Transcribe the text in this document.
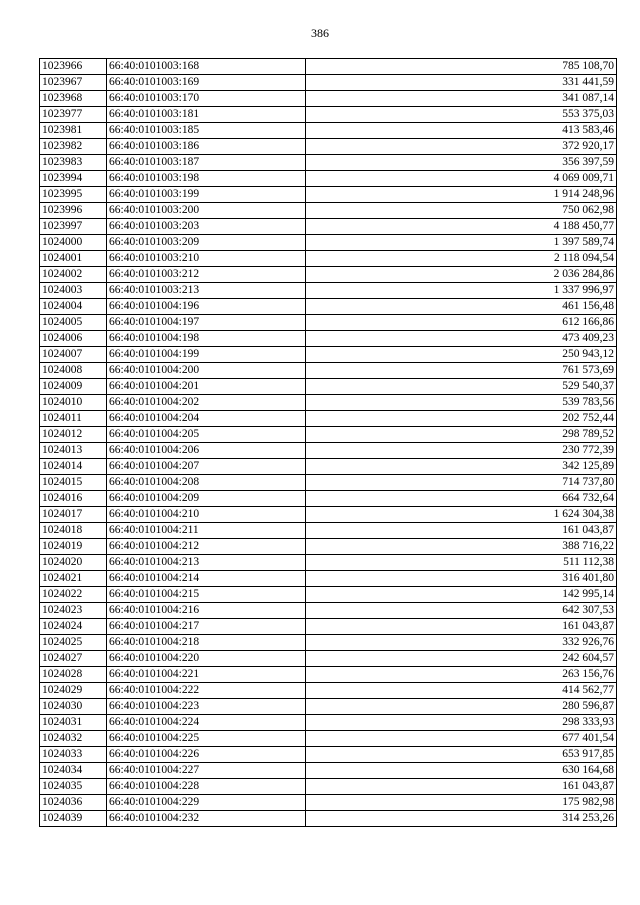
386
1023966	66:40:0101003:168	785 108,70
1023967	66:40:0101003:169	331 441,59
1023968	66:40:0101003:170	341 087,14
1023977	66:40:0101003:181	553 375,03
1023981	66:40:0101003:185	413 583,46
1023982	66:40:0101003:186	372 920,17
1023983	66:40:0101003:187	356 397,59
1023994	66:40:0101003:198	4 069 009,71
1023995	66:40:0101003:199	1 914 248,96
1023996	66:40:0101003:200	750 062,98
1023997	66:40:0101003:203	4 188 450,77
1024000	66:40:0101003:209	1 397 589,74
1024001	66:40:0101003:210	2 118 094,54
1024002	66:40:0101003:212	2 036 284,86
1024003	66:40:0101003:213	1 337 996,97
1024004	66:40:0101004:196	461 156,48
1024005	66:40:0101004:197	612 166,86
1024006	66:40:0101004:198	473 409,23
1024007	66:40:0101004:199	250 943,12
1024008	66:40:0101004:200	761 573,69
1024009	66:40:0101004:201	529 540,37
1024010	66:40:0101004:202	539 783,56
1024011	66:40:0101004:204	202 752,44
1024012	66:40:0101004:205	298 789,52
1024013	66:40:0101004:206	230 772,39
1024014	66:40:0101004:207	342 125,89
1024015	66:40:0101004:208	714 737,80
1024016	66:40:0101004:209	664 732,64
1024017	66:40:0101004:210	1 624 304,38
1024018	66:40:0101004:211	161 043,87
1024019	66:40:0101004:212	388 716,22
1024020	66:40:0101004:213	511 112,38
1024021	66:40:0101004:214	316 401,80
1024022	66:40:0101004:215	142 995,14
1024023	66:40:0101004:216	642 307,53
1024024	66:40:0101004:217	161 043,87
1024025	66:40:0101004:218	332 926,76
1024027	66:40:0101004:220	242 604,57
1024028	66:40:0101004:221	263 156,76
1024029	66:40:0101004:222	414 562,77
1024030	66:40:0101004:223	280 596,87
1024031	66:40:0101004:224	298 333,93
1024032	66:40:0101004:225	677 401,54
1024033	66:40:0101004:226	653 917,85
1024034	66:40:0101004:227	630 164,68
1024035	66:40:0101004:228	161 043,87
1024036	66:40:0101004:229	175 982,98
1024039	66:40:0101004:232	314 253,26
